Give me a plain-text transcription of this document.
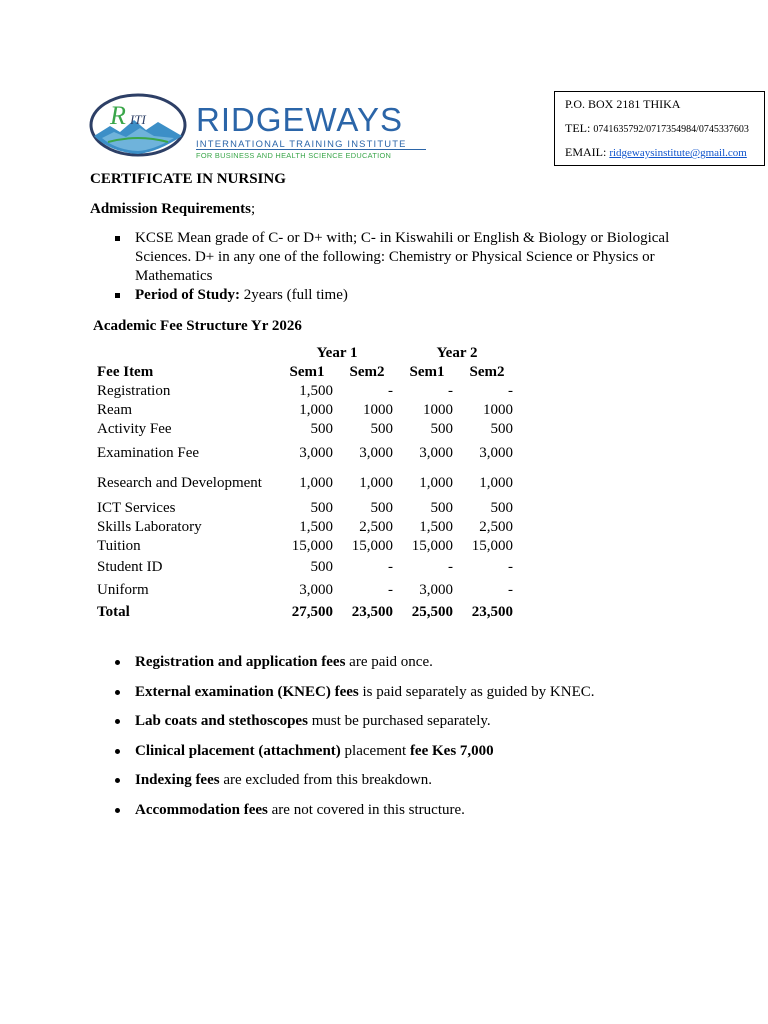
R ITI RIDGEWAYS
INTERNATIONAL TRAINING INSTITUTE
FOR BUSINESS AND HEALTH SCIENCE EDUCATION
P.O. BOX 2181 THIKA
TEL: 0741635792/0717354984/0745337603
EMAIL: ridgewaysinstitute@gmail.com
CERTIFICATE IN NURSING
Admission Requirements;
KCSE Mean grade of C- or D+ with; C- in Kiswahili or English & Biology or Biological
Sciences. D+ in any one of the following: Chemistry or Physical Science or Physics or
Mathematics
Period of Study: 2years (full time)
Academic Fee Structure Yr 2026
	Year 1		Year 2	
Fee Item	Sem1	Sem2	Sem1	Sem2
Registration	1,500	-	-	-
Ream	1,000	1000	1000	1000
Activity Fee	500	500	500	500
Examination Fee	3,000	3,000	3,000	3,000
Research and Development	1,000	1,000	1,000	1,000
ICT Services	500	500	500	500
Skills Laboratory	1,500	2,500	1,500	2,500
Tuition	15,000	15,000	15,000	15,000
Student ID	500	-	-	-
Uniform	3,000	-	3,000	-
Total	27,500	23,500	25,500	23,500
Registration and application fees are paid once.
External examination (KNEC) fees is paid separately as guided by KNEC.
Lab coats and stethoscopes must be purchased separately.
Clinical placement (attachment) placement fee Kes 7,000
Indexing fees are excluded from this breakdown.
Accommodation fees are not covered in this structure.
